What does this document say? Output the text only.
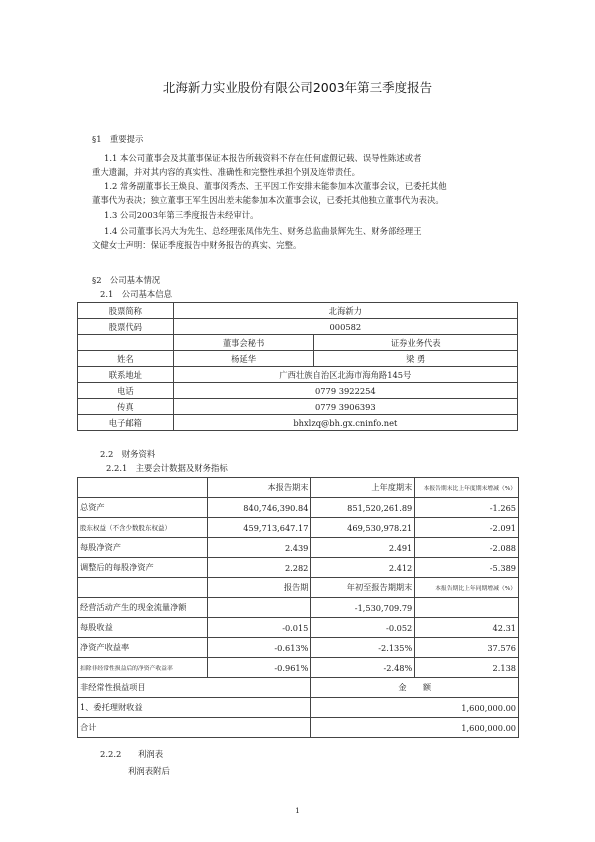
北海新力实业股份有限公司2003年第三季度报告
§1　重要提示
1.1 本公司董事会及其董事保证本报告所载资料不存在任何虚假记载、误导性陈述或者
重大遗漏，并对其内容的真实性、准确性和完整性承担个别及连带责任。
1.2 常务副董事长王焕良、董事闵秀杰、王平因工作安排未能参加本次董事会议，已委托其他
董事代为表决；独立董事王军生因出差未能参加本次董事会议，已委托其他独立董事代为表决。
1.3 公司2003年第三季度报告未经审计。
1.4 公司董事长冯大为先生、总经理张凤伟先生、财务总监曲景辉先生、财务部经理王
文健女士声明：保证季度报告中财务报告的真实、完整。
§2　公司基本情况
2.1　公司基本信息
股票简称	北海新力	
股票代码	000582	
	董事会秘书	证券业务代表
姓名	杨延华	梁 勇
联系地址	广西壮族自治区北海市海角路145号	
电话	0779 3922254	
传真	0779 3906393	
电子邮箱	bhxlzq@bh.gx.cninfo.net	
2.2　财务资料
2.2.1　主要会计数据及财务指标
	本报告期末	上年度期末	本报告期末比上年度期末增减（%）
总资产	840,746,390.84	851,520,261.89	-1.265
股东权益（不含少数股东权益）	459,713,647.17	469,530,978.21	-2.091
每股净资产	2.439	2.491	-2.088
调整后的每股净资产	2.282	2.412	-5.389
	报告期	年初至报告期期末	本报告期比上年同期增减（%）
经营活动产生的现金流量净额		-1,530,709.79	
每股收益	-0.015	-0.052	42.31
净资产收益率	-0.613%	-2.135%	37.576
扣除非经常性损益后的净资产收益率	-0.961%	-2.48%	2.138
非经常性损益项目		金　　额	
1、委托理财收益		1,600,000.00	
合计		1,600,000.00	
2.2.2　　利润表
利润表附后
1
